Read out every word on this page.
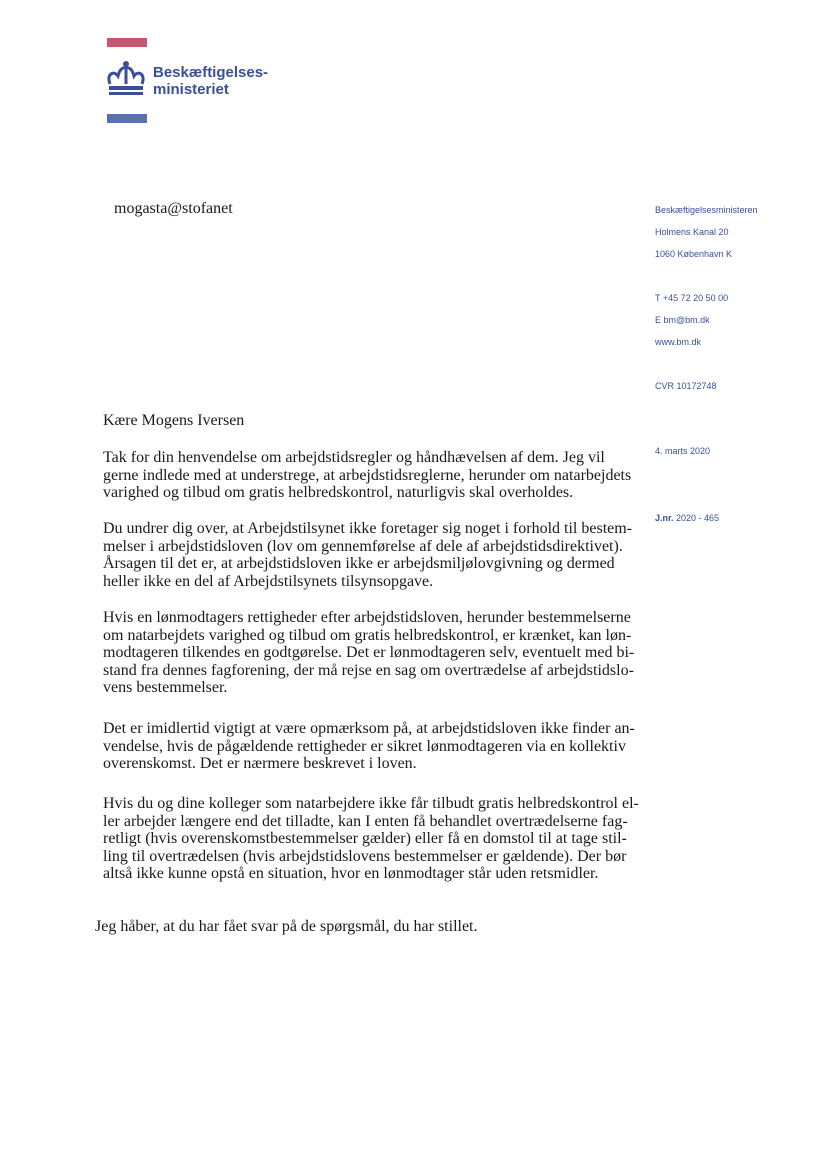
Beskæftigelses-
ministeriet
mogasta@stofanet	Beskæftigelsesministeren
Holmens Kanal 20
1060 København K
T +45 72 20 50 00
E bm@bm.dk
www.bm.dk
CVR 10172748
4. marts 2020
J.nr. 2020 - 465
Kære Mogens Iversen

Tak for din henvendelse om arbejdstidsregler og håndhævelsen af dem. Jeg vil
gerne indlede med at understrege, at arbejdstidsreglerne, herunder om natarbejdets
varighed og tilbud om gratis helbredskontrol, naturligvis skal overholdes.

Du undrer dig over, at Arbejdstilsynet ikke foretager sig noget i forhold til bestem-
melser i arbejdstidsloven (lov om gennemførelse af dele af arbejdstidsdirektivet).
Årsagen til det er, at arbejdstidsloven ikke er arbejdsmiljølovgivning og dermed
heller ikke en del af Arbejdstilsynets tilsynsopgave.

Hvis en lønmodtagers rettigheder efter arbejdstidsloven, herunder bestemmelserne
om natarbejdets varighed og tilbud om gratis helbredskontrol, er krænket, kan løn-
modtageren tilkendes en godtgørelse. Det er lønmodtageren selv, eventuelt med bi-
stand fra dennes fagforening, der må rejse en sag om overtrædelse af arbejdstidslo-
vens bestemmelser.

Det er imidlertid vigtigt at være opmærksom på, at arbejdstidsloven ikke finder an-
vendelse, hvis de pågældende rettigheder er sikret lønmodtageren via en kollektiv
overenskomst. Det er nærmere beskrevet i loven.

Hvis du og dine kolleger som natarbejdere ikke får tilbudt gratis helbredskontrol el-
ler arbejder længere end det tilladte, kan I enten få behandlet overtrædelserne fag-
retligt (hvis overenskomstbestemmelser gælder) eller få en domstol til at tage stil-
ling til overtrædelsen (hvis arbejdstidslovens bestemmelser er gældende). Der bør
altså ikke kunne opstå en situation, hvor en lønmodtager står uden retsmidler.

Jeg håber, at du har fået svar på de spørgsmål, du har stillet.
